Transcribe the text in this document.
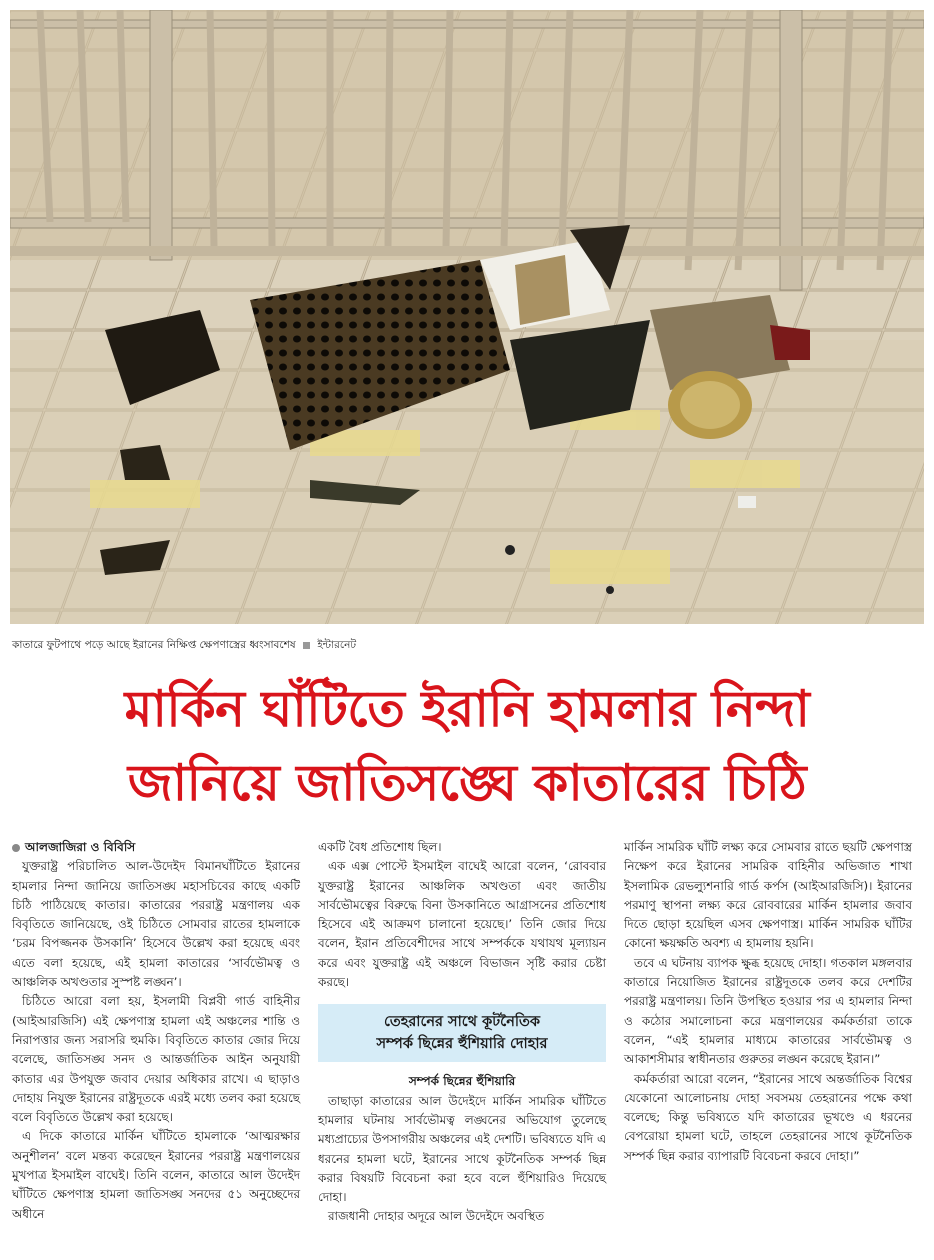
কাতারে ফুটপাথে পড়ে আছে ইরানের নিক্ষিপ্ত ক্ষেপণাস্ত্রের ধ্বংসাবশেষ ইন্টারনেট
মার্কিন ঘাঁটিতে ইরানি হামলার নিন্দা
জানিয়ে জাতিসঙ্ঘে কাতারের চিঠি
আলজাজিরা ও বিবিসি

যুক্তরাষ্ট্র পরিচালিত আল-উদেইদ বিমানঘাঁটিতে ইরানের হামলার নিন্দা জানিয়ে জাতিসঙ্ঘ মহাসচিবের কাছে একটি চিঠি পাঠিয়েছে কাতার। কাতারের পররাষ্ট্র মন্ত্রণালয় এক বিবৃতিতে জানিয়েছে, ওই চিঠিতে সোমবার রাতের হামলাকে ‘চরম বিপজ্জনক উসকানি’ হিসেবে উল্লেখ করা হয়েছে এবং এতে বলা হয়েছে, এই হামলা কাতারের ‘সার্বভৌমত্ব ও আঞ্চলিক অখণ্ডতার সুস্পষ্ট লঙ্ঘন’।

চিঠিতে আরো বলা হয়, ইসলামী বিপ্লবী গার্ড বাহিনীর (আইআরজিসি) এই ক্ষেপণাস্ত্র হামলা এই অঞ্চলের শান্তি ও নিরাপত্তার জন্য সরাসরি হুমকি। বিবৃতিতে কাতার জোর দিয়ে বলেছে, জাতিসঙ্ঘ সনদ ও আন্তর্জাতিক আইন অনুযায়ী কাতার এর উপযুক্ত জবাব দেয়ার অধিকার রাখে। এ ছাড়াও দোহায় নিযুক্ত ইরানের রাষ্ট্রদূতকে এরই মধ্যে তলব করা হয়েছে বলে বিবৃতিতে উল্লেখ করা হয়েছে।

এ দিকে কাতারে মার্কিন ঘাঁটিতে হামলাকে ‘আত্মরক্ষার অনুশীলন’ বলে মন্তব্য করেছেন ইরানের পররাষ্ট্র মন্ত্রণালয়ের মুখপাত্র ইসমাইল বাঘেই। তিনি বলেন, কাতারে আল উদেইদ ঘাঁটিতে ক্ষেপণাস্ত্র হামলা জাতিসঙ্ঘ সনদের ৫১ অনুচ্ছেদের অধীনে

একটি বৈধ প্রতিশোধ ছিল।

এক এক্স পোস্টে ইসমাইল বাঘেই আরো বলেন, ‘রোববার যুক্তরাষ্ট্র ইরানের আঞ্চলিক অখণ্ডতা এবং জাতীয় সার্বভৌমত্বের বিরুদ্ধে বিনা উসকানিতে আগ্রাসনের প্রতিশোধ হিসেবে এই আক্রমণ চালানো হয়েছে।’ তিনি জোর দিয়ে বলেন, ইরান প্রতিবেশীদের সাথে সম্পর্ককে যথাযথ মূল্যায়ন করে এবং যুক্তরাষ্ট্র এই অঞ্চলে বিভাজন সৃষ্টি করার চেষ্টা করছে।

তেহরানের সাথে কূটনৈতিক
সম্পর্ক ছিন্নের হুঁশিয়ারি দোহার

সম্পর্ক ছিন্নের হুঁশিয়ারি

তাছাড়া কাতারের আল উদেইদে মার্কিন সামরিক ঘাঁটিতে হামলার ঘটনায় সার্বভৌমত্ব লঙ্ঘনের অভিযোগ তুলেছে মধ্যপ্রাচ্যের উপসাগরীয় অঞ্চলের এই দেশটি। ভবিষ্যতে যদি এ ধরনের হামলা ঘটে, ইরানের সাথে কূটনৈতিক সম্পর্ক ছিন্ন করার বিষয়টি বিবেচনা করা হবে বলে হুঁশিয়ারিও দিয়েছে দোহা।

রাজধানী দোহার অদূরে আল উদেইদে অবস্থিত

মার্কিন সামরিক ঘাঁটি লক্ষ্য করে সোমবার রাতে ছয়টি ক্ষেপণাস্ত্র নিক্ষেপ করে ইরানের সামরিক বাহিনীর অভিজাত শাখা ইসলামিক রেভল্যুশনারি গার্ড কর্পস (আইআরজিসি)। ইরানের পরমাণু স্থাপনা লক্ষ্য করে রোববারের মার্কিন হামলার জবাব দিতে ছোড়া হয়েছিল এসব ক্ষেপণাস্ত্র। মার্কিন সামরিক ঘাঁটির কোনো ক্ষয়ক্ষতি অবশ্য এ হামলায় হয়নি।

তবে এ ঘটনায় ব্যাপক ক্ষুব্ধ হয়েছে দোহা। গতকাল মঙ্গলবার কাতারে নিয়োজিত ইরানের রাষ্ট্রদূতকে তলব করে দেশটির পররাষ্ট্র মন্ত্রণালয়। তিনি উপস্থিত হওয়ার পর এ হামলার নিন্দা ও কঠোর সমালোচনা করে মন্ত্রণালয়ের কর্মকর্তারা তাকে বলেন, “এই হামলার মাধ্যমে কাতারের সার্বভৌমত্ব ও আকাশসীমার স্বাধীনতার গুরুতর লঙ্ঘন করেছে ইরান।”

কর্মকর্তারা আরো বলেন, “ইরানের সাথে অন্তর্জাতিক বিশ্বের যেকোনো আলোচনায় দোহা সবসময় তেহরানের পক্ষে কথা বলেছে; কিন্তু ভবিষ্যতে যদি কাতারের ভূখণ্ডে এ ধরনের বেপরোয়া হামলা ঘটে, তাহলে তেহরানের সাথে কূটনৈতিক সম্পর্ক ছিন্ন করার ব্যাপারটি বিবেচনা করবে দোহা।”
